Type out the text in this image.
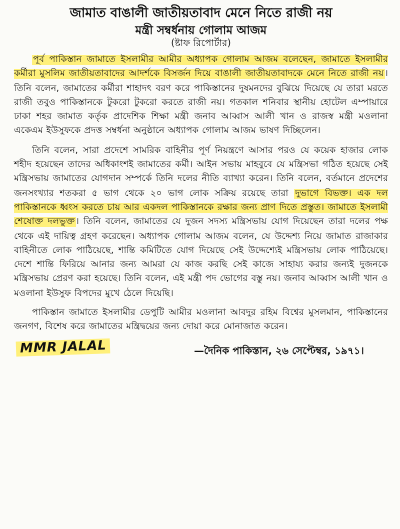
জামাত বাঙালী জাতীয়তাবাদ মেনে নিতে রাজী নয়
মন্ত্রী সম্বর্ধনায় গোলাম আজম
(ষ্টাফ রিপোর্টার)

পূর্ব পাকিস্তান জামাতে ইসলামীর আমীর অধ্যাপক গোলাম আজম বলেছেন, জামাতে ইসলামীর কর্মীরা মুসলিম জাতীয়তাবাদের আদর্শকে বিসর্জন দিয়ে বাঙালী জাতীয়তাবাদকে মেনে নিতে রাজী নয়। তিনি বলেন, জামাতের কর্মীরা শাহাদৎ বরণ করে পাকিস্তানের দুষমনদের বুঝিয়ে দিয়েছে যে তারা মরতে রাজী তবুও পাকিস্তানকে টুকরো টুকরো করতে রাজী নয়। গতকাল শনিবার স্থানীয় হোটেল এম্পায়ারে ঢাকা শহর জামাত কর্তৃক প্রাদেশিক শিক্ষা মন্ত্রী জনাব আব্বাস আলী খান ও রাজস্ব মন্ত্রী মওলানা একেএম ইউসুফকে প্রদত্ত সম্বর্ধনা অনুষ্ঠানে অধ্যাপক গোলাম আজম ভাষণ দিচ্ছিলেন।

তিনি বলেন, সারা প্রদেশে সামরিক বাহিনীর পূর্ণ নিয়ন্ত্রণে আসার পরও যে কয়েক হাজার লোক শহীদ হয়েছেন তাদের অধিকাংশই জামাতের কর্মী। আইন সভায় মাহবুবে যে মন্ত্রিসভা গঠিত হয়েছে সেই মন্ত্রিসভায় জামাতের যোগদান সম্পর্কে তিনি দলের নীতি ব্যাখ্যা করেন। তিনি বলেন, বর্তমানে প্রদেশের জনসংখ্যার শতকরা ৫ ভাগ থেকে ২০ ভাগ লোক সক্রিয় রয়েছে তারা দুভাগে বিভক্ত। এক দল পাকিস্তানকে ধ্বংস করতে চায় আর একদল পাকিস্তানকে রক্ষার জন্য প্রাণ দিতে প্রস্তুত। জামাতে ইসলামী শেষোক্ত দলভুক্ত। তিনি বলেন, জামাতের যে দুজন সদস্য মন্ত্রিসভায় যোগ দিয়েছেন তারা দলের পক্ষ থেকে এই দায়িত্ব গ্রহণ করেছেন। অধ্যাপক গোলাম আজম বলেন, যে উদ্দেশ্য নিয়ে জামাত রাজাকার বাহিনীতে লোক পাঠিয়েছে, শান্তি কমিটিতে যোগ দিয়েছে সেই উদ্দেশ্যেই মন্ত্রিসভায় লোক পাঠিয়েছে। দেশে শান্তি ফিরিয়ে আনার জন্য আমরা যে কাজ করছি সেই কাজে সাহায্য করার জন্যই দুজনকে মন্ত্রিসভায় প্রেরণ করা হয়েছে। তিনি বলেন, এই মন্ত্রী পদ ভোগের বস্তু নয়। জনাব আব্বাস আলী খান ও মওলানা ইউসুফ বিপদের মুখে ঠেলে দিয়েছি।

পাকিস্তান জামাতে ইসলামীর ডেপুটি আমীর মওলানা আবদুর রহিম বিশ্বের মুসলমান, পাকিস্তানের জনগণ, বিশেষ করে জামাতের মন্ত্রিদ্বয়ের জন্য দোয়া করে মোনাজাত করেন।

MMR JALAL	—দৈনিক পাকিস্তান, ২৬ সেপ্টেম্বর, ১৯৭১।
